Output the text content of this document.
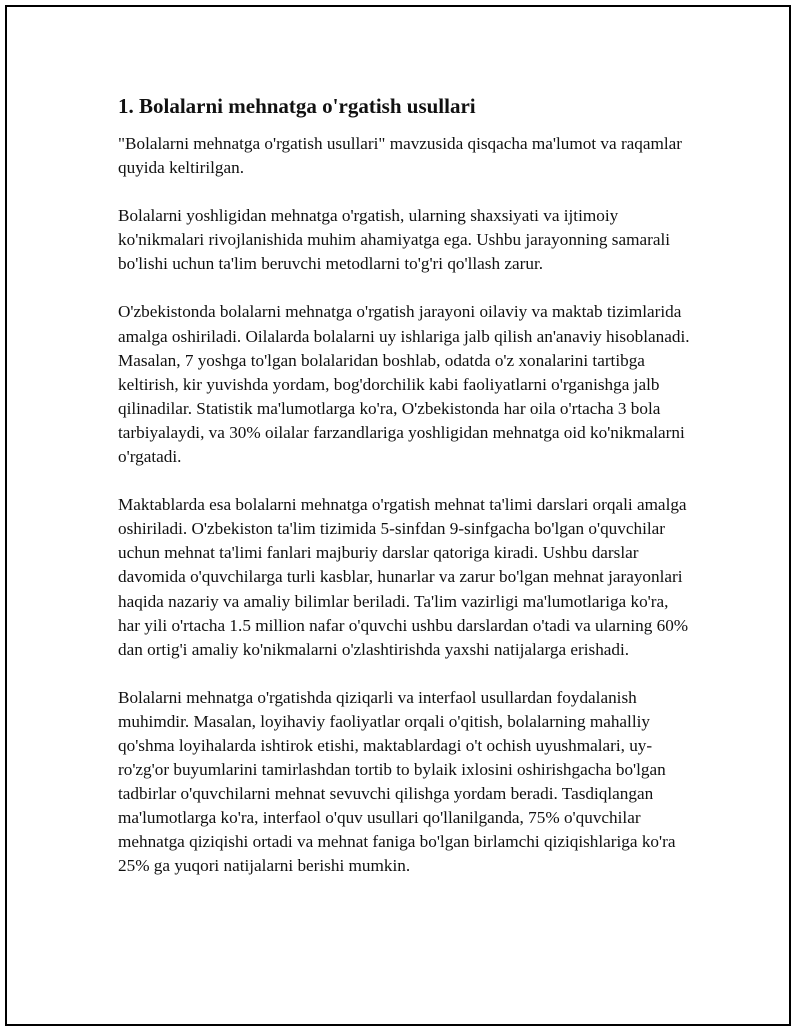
1. Bolalarni mehnatga o'rgatish usullari

"Bolalarni mehnatga o'rgatish usullari" mavzusida qisqacha ma'lumot va raqamlar quyida keltirilgan.

Bolalarni yoshligidan mehnatga o'rgatish, ularning shaxsiyati va ijtimoiy ko'nikmalari rivojlanishida muhim ahamiyatga ega. Ushbu jarayonning samarali bo'lishi uchun ta'lim beruvchi metodlarni to'g'ri qo'llash zarur.

O'zbekistonda bolalarni mehnatga o'rgatish jarayoni oilaviy va maktab tizimlarida amalga oshiriladi. Oilalarda bolalarni uy ishlariga jalb qilish an'anaviy hisoblanadi. Masalan, 7 yoshga to'lgan bolalaridan boshlab, odatda o'z xonalarini tartibga keltirish, kir yuvishda yordam, bog'dorchilik kabi faoliyatlarni o'rganishga jalb qilinadilar. Statistik ma'lumotlarga ko'ra, O'zbekistonda har oila o'rtacha 3 bola tarbiyalaydi, va 30% oilalar farzandlariga yoshligidan mehnatga oid ko'nikmalarni o'rgatadi.

Maktablarda esa bolalarni mehnatga o'rgatish mehnat ta'limi darslari orqali amalga oshiriladi. O'zbekiston ta'lim tizimida 5-sinfdan 9-sinfgacha bo'lgan o'quvchilar uchun mehnat ta'limi fanlari majburiy darslar qatoriga kiradi. Ushbu darslar davomida o'quvchilarga turli kasblar, hunarlar va zarur bo'lgan mehnat jarayonlari haqida nazariy va amaliy bilimlar beriladi. Ta'lim vazirligi ma'lumotlariga ko'ra, har yili o'rtacha 1.5 million nafar o'quvchi ushbu darslardan o'tadi va ularning 60% dan ortig'i amaliy ko'nikmalarni o'zlashtirishda yaxshi natijalarga erishadi.

Bolalarni mehnatga o'rgatishda qiziqarli va interfaol usullardan foydalanish muhimdir. Masalan, loyihaviy faoliyatlar orqali o'qitish, bolalarning mahalliy qo'shma loyihalarda ishtirok etishi, maktablardagi o't ochish uyushmalari, uy-ro'zg'or buyumlarini tamirlashdan tortib to bylaik ixlosini oshirishgacha bo'lgan tadbirlar o'quvchilarni mehnat sevuvchi qilishga yordam beradi. Tasdiqlangan ma'lumotlarga ko'ra, interfaol o'quv usullari qo'llanilganda, 75% o'quvchilar mehnatga qiziqishi ortadi va mehnat faniga bo'lgan birlamchi qiziqishlariga ko'ra 25% ga yuqori natijalarni berishi mumkin.
